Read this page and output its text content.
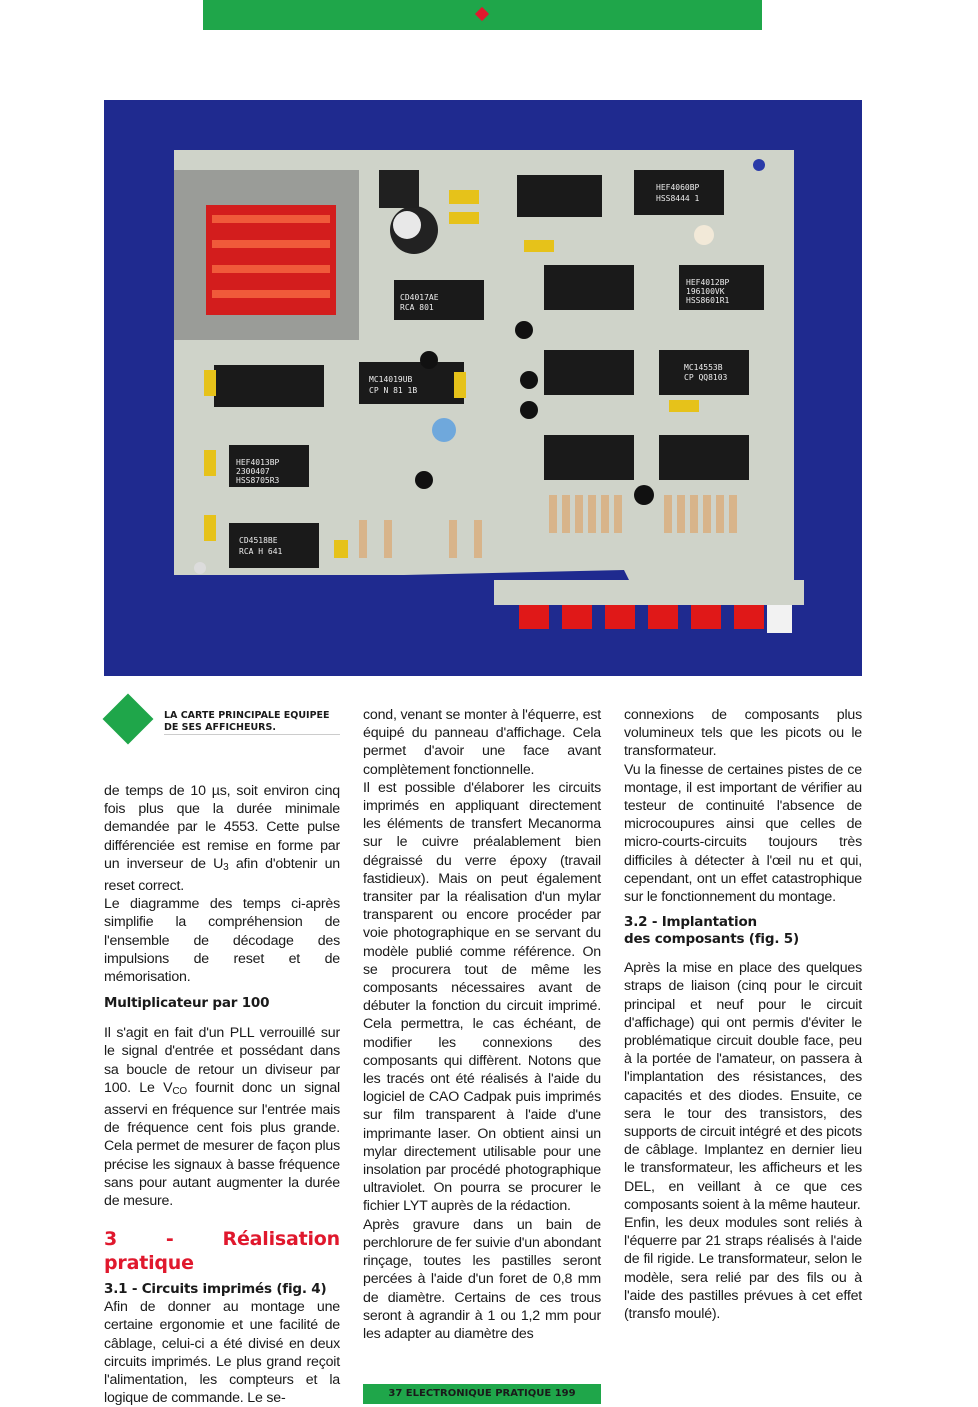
HEF4060BP
HSS8444 1
CD4017AE
RCA 801
HEF4013BP
2300407
HSS8705R3
CD4518BE
RCA H 641
MC14019UB
CP N 81 1B
HEF4012BP
196100VK
HSS8601R1
MC14553B
CP QQ8103
LA CARTE PRINCIPALE EQUIPEE
DE SES AFFICHEURS.

de temps de 10 µs, soit environ cinq fois plus que la durée minimale demandée par le 4553. Cette pulse différenciée est remise en forme par un inverseur de $U_3$ afin d'obtenir un reset correct.

Le diagramme des temps ci-après simplifie la compréhension de l'ensemble de décodage des impulsions de reset et de mémorisation.

Multiplicateur par 100

Il s'agit en fait d'un PLL verrouillé sur le signal d'entrée et possédant dans sa boucle de retour un diviseur par 100. Le $V_{CO}$ fournit donc un signal asservi en fréquence sur l'entrée mais de fréquence cent fois plus grande. Cela permet de mesurer de façon plus précise les signaux à basse fréquence sans pour autant augmenter la durée de mesure.

3 - Réalisation pratique

3.1 - Circuits imprimés (fig. 4)

Afin de donner au montage une certaine ergonomie et une facilité de câblage, celui-ci a été divisé en deux circuits imprimés. Le plus grand reçoit l'alimentation, les compteurs et la logique de commande. Le se-

cond, venant se monter à l'équerre, est équipé du panneau d'affichage. Cela permet d'avoir une face avant complètement fonctionnelle.

Il est possible d'élaborer les circuits imprimés en appliquant directement les éléments de transfert Mecanorma sur le cuivre préalablement bien dégraissé du verre époxy (travail fastidieux). Mais on peut également transiter par la réalisation d'un mylar transparent ou encore procéder par voie photographique en se servant du modèle publié comme référence. On se procurera tout de même les composants nécessaires avant de débuter la fonction du circuit imprimé. Cela permettra, le cas échéant, de modifier les connexions des composants qui diffèrent. Notons que les tracés ont été réalisés à l'aide du logiciel de CAO Cadpak puis imprimés sur film transparent à l'aide d'une imprimante laser. On obtient ainsi un mylar directement utilisable pour une insolation par procédé photographique ultraviolet. On pourra se procurer le fichier LYT auprès de la rédaction.

Après gravure dans un bain de perchlorure de fer suivie d'un abondant rinçage, toutes les pastilles seront percées à l'aide d'un foret de 0,8 mm de diamètre. Certains de ces trous seront à agrandir à 1 ou 1,2 mm pour les adapter au diamètre des

connexions de composants plus volumineux tels que les picots ou le transformateur.

Vu la finesse de certaines pistes de ce montage, il est important de vérifier au testeur de continuité l'absence de microcoupures ainsi que celles de micro-courts-circuits toujours très difficiles à détecter à l'œil nu et qui, cependant, ont un effet catastrophique sur le fonctionnement du montage.

3.2 - Implantation
des composants (fig. 5)

Après la mise en place des quelques straps de liaison (cinq pour le circuit principal et neuf pour le circuit d'affichage) qui ont permis d'éviter le problématique circuit double face, peu à la portée de l'amateur, on passera à l'implantation des résistances, des capacités et des diodes. Ensuite, ce sera le tour des transistors, des supports de circuit intégré et des picots de câblage. Implantez en dernier lieu le transformateur, les afficheurs et les DEL, en veillant à ce que ces composants soient à la même hauteur.

Enfin, les deux modules sont reliés à l'équerre par 21 straps réalisés à l'aide de fil rigide. Le transformateur, selon le modèle, sera relié par des fils ou à l'aide des pastilles prévues à cet effet (transfo moulé).

37 ELECTRONIQUE PRATIQUE 199
